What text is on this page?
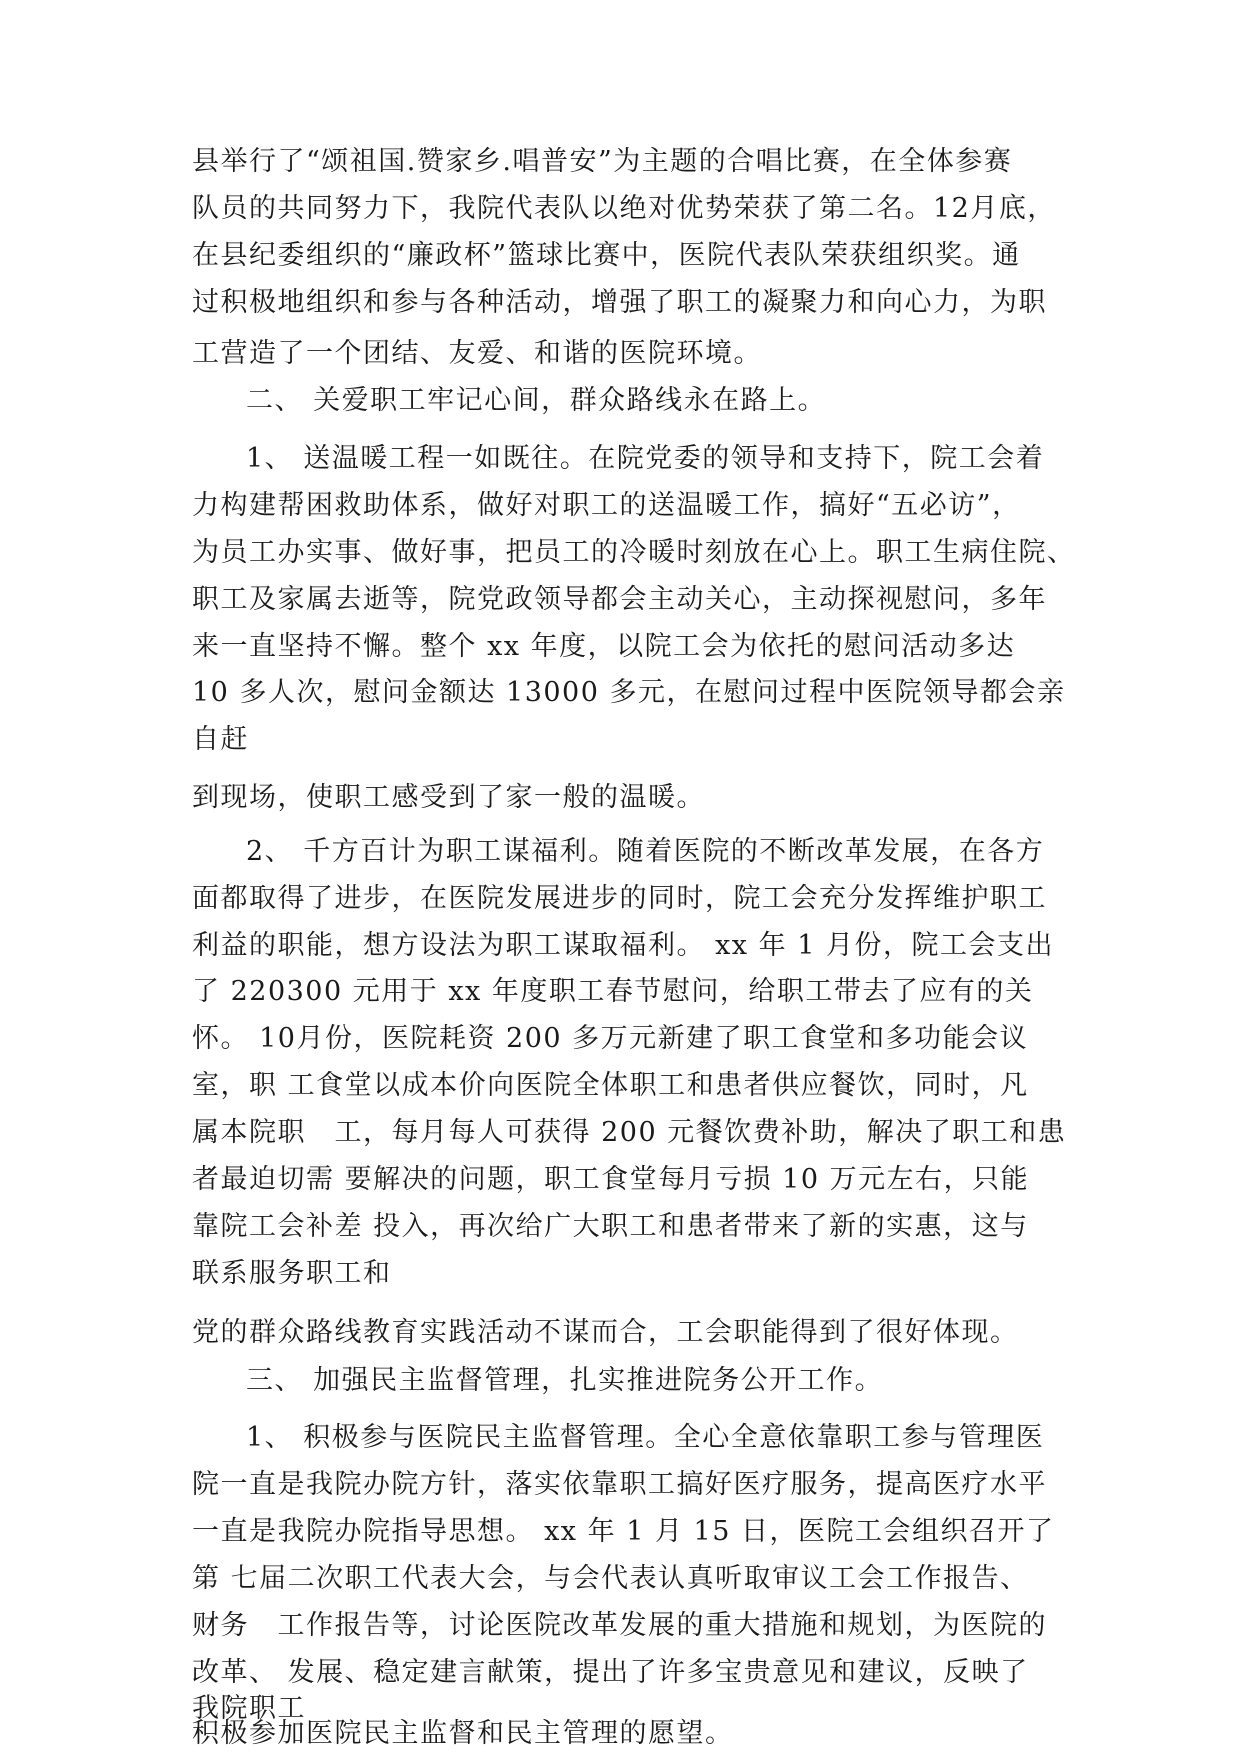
县举行了“颂祖国.赞家乡.唱普安”为主题的合唱比赛，在全体参赛

队员的共同努力下，我院代表队以绝对优势荣获了第二名。12月底，

在县纪委组织的“廉政杯”篮球比赛中，医院代表队荣获组织奖。通

过积极地组织和参与各种活动，增强了职工的凝聚力和向心力，为职

工营造了一个团结、友爱、和谐的医院环境。

二、 关爱职工牢记心间，群众路线永在路上。

1、 送温暖工程一如既往。在院党委的领导和支持下，院工会着

力构建帮困救助体系，做好对职工的送温暖工作，搞好“五必访”，

为员工办实事、做好事，把员工的冷暖时刻放在心上。职工生病住院、

职工及家属去逝等，院党政领导都会主动关心，主动探视慰问，多年

来一直坚持不懈。整个 xx 年度，以院工会为依托的慰问活动多达

10 多人次，慰问金额达 13000 多元，在慰问过程中医院领导都会亲

自赶

到现场，使职工感受到了家一般的温暖。

2、 千方百计为职工谋福利。随着医院的不断改革发展，在各方

面都取得了进步，在医院发展进步的同时，院工会充分发挥维护职工

利益的职能，想方设法为职工谋取福利。 xx 年 1 月份，院工会支出

了 220300 元用于 xx 年度职工春节慰问，给职工带去了应有的关

怀。 10月份，医院耗资 200 多万元新建了职工食堂和多功能会议

室，职 工食堂以成本价向医院全体职工和患者供应餐饮，同时，凡

属本院职　工，每月每人可获得 200 元餐饮费补助，解决了职工和患

者最迫切需 要解决的问题，职工食堂每月亏损 10 万元左右，只能

靠院工会补差 投入，再次给广大职工和患者带来了新的实惠，这与

联系服务职工和

党的群众路线教育实践活动不谋而合，工会职能得到了很好体现。

三、 加强民主监督管理，扎实推进院务公开工作。

1、 积极参与医院民主监督管理。全心全意依靠职工参与管理医

院一直是我院办院方针，落实依靠职工搞好医疗服务，提高医疗水平

一直是我院办院指导思想。 xx 年 1 月 15 日，医院工会组织召开了

第 七届二次职工代表大会，与会代表认真听取审议工会工作报告、

财务　工作报告等，讨论医院改革发展的重大措施和规划，为医院的

改革、 发展、稳定建言献策，提出了许多宝贵意见和建议，反映了

我院职工

积极参加医院民主监督和民主管理的愿望。
